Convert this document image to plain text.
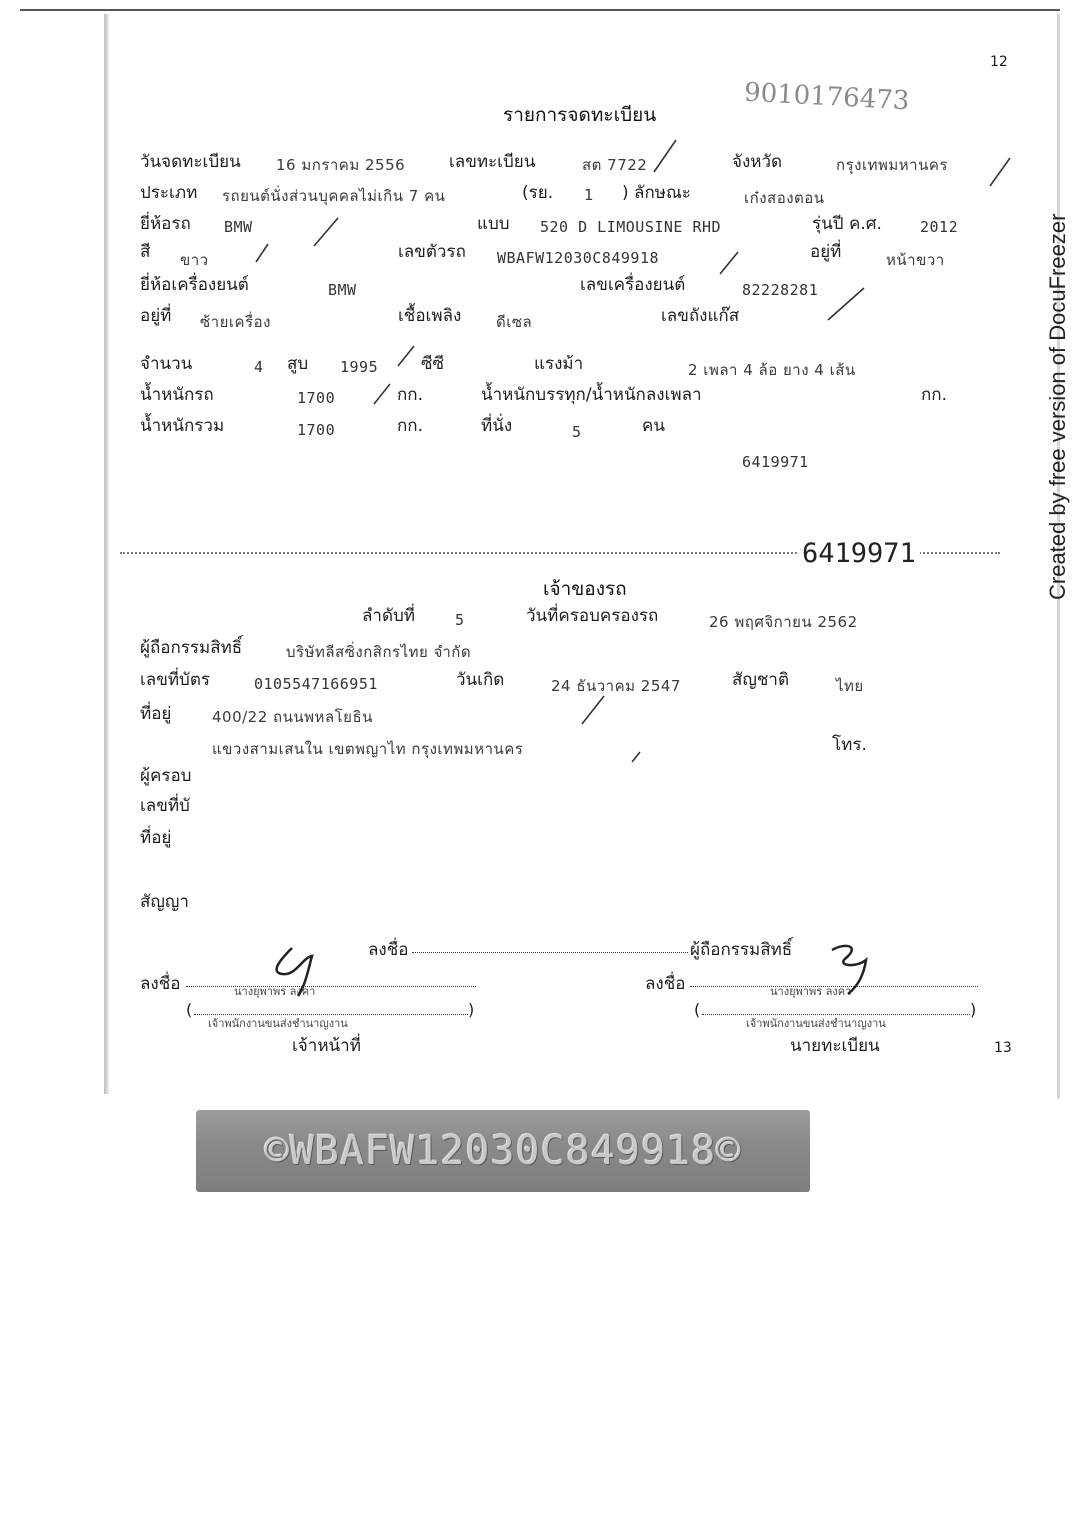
12
13
9010176473
รายการจดทะเบียน
วันจดทะเบียน 16 มกราคม 2556	เลขทะเบียน	สต 7722	จังหวัด	กรุงเทพมหานคร
ประเภท รถยนต์นั่งส่วนบุคคลไม่เกิน 7 คน	(รย. 1 ) ลักษณะ	เก๋งสองตอน
ยี่ห้อรถ BMW	แบบ 520 D LIMOUSINE RHD	รุ่นปี ค.ศ.	2012
สี ขาว	เลขตัวรถ WBAFW12030C849918	อยู่ที่	หน้าขวา
ยี่ห้อเครื่องยนต์	BMW	เลขเครื่องยนต์	82228281
อยู่ที่ ซ้ายเครื่อง	เชื้อเพลิง ดีเซล	เลขถังแก๊ส
จำนวน	4 สูบ 1995	ซีซี	แรงม้า	2 เพลา 4 ล้อ ยาง 4 เส้น
น้ำหนักรถ	1700	กก.	น้ำหนักบรรทุก/น้ำหนักลงเพลา	กก.
น้ำหนักรวม	1700	กก.	ที่นั่ง	5	คน
6419971
6419971
เจ้าของรถ
ลำดับที่	5	วันที่ครอบครองรถ	26 พฤศจิกายน 2562
ผู้ถือกรรมสิทธิ์	บริษัทลีสซิ่งกสิกรไทย จำกัด
เลขที่บัตร	0105547166951	วันเกิด	24 ธันวาคม 2547	สัญชาติ	ไทย
ที่อยู่	400/22 ถนนพหลโยธิน
แขวงสามเสนใน เขตพญาไท กรุงเทพมหานคร	โทร.
ผู้ครอบ
เลขที่บั
ที่อยู่
สัญญา
ลงชื่อ	ผู้ถือกรรมสิทธิ์
ลงชื่อ	นางยุพาพร ลงคา
(	)
เจ้าพนักงานขนส่งชำนาญงาน
เจ้าหน้าที่
ลงชื่อ	นางยุพาพร ลงคา
(	)
เจ้าพนักงานขนส่งชำนาญงาน
นายทะเบียน
©WBAFW12030C849918©
Created by free version of DocuFreezer
